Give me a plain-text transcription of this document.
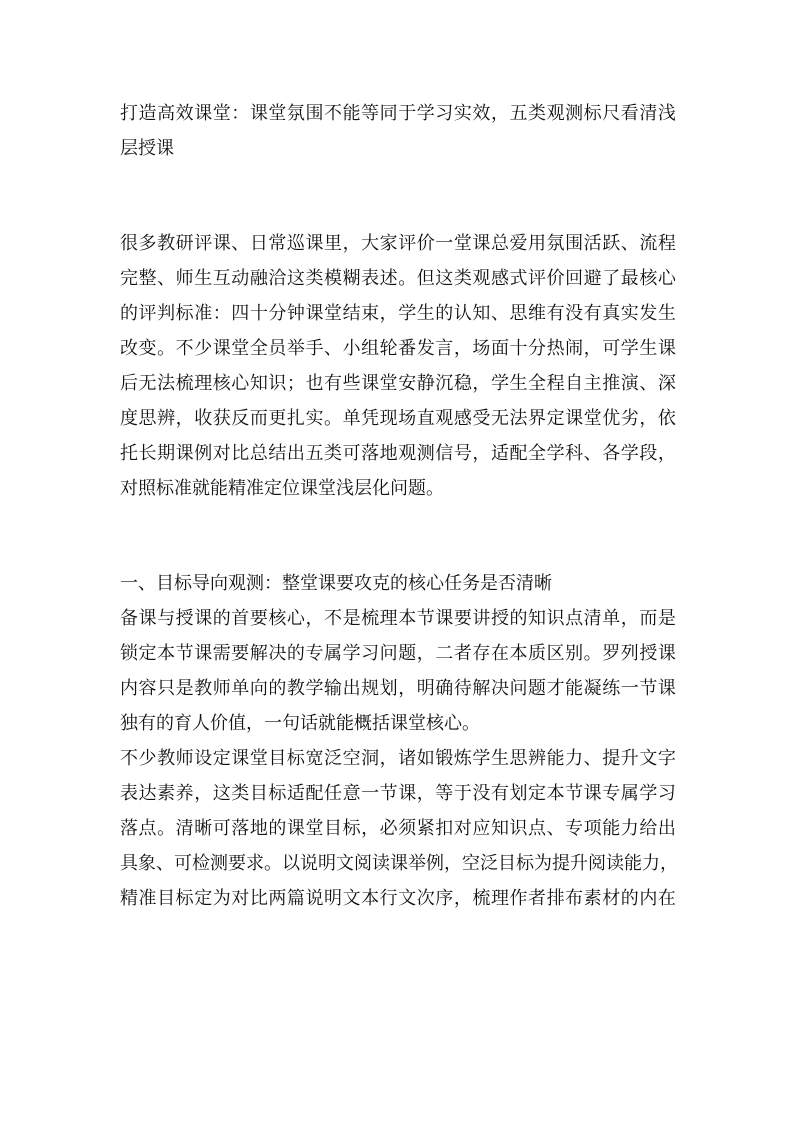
打 造 高 效 课 堂 ： 课 堂 氛 围 不 能 等 同 于 学 习 实 效 ， 五 类 观 测 标 尺 看 清 浅
层授课
很 多 教 研 评 课 、 日 常 巡 课 里 ， 大 家 评 价 一 堂 课 总 爱 用 氛 围 活 跃 、 流 程
完 整 、 师 生 互 动 融 洽 这 类 模 糊 表 述 。 但 这 类 观 感 式 评 价 回 避 了 最 核 心
的 评 判 标 准 ： 四 十 分 钟 课 堂 结 束 ， 学 生 的 认 知 、 思 维 有 没 有 真 实 发 生
改 变 。 不 少 课 堂 全 员 举 手 、 小 组 轮 番 发 言 ， 场 面 十 分 热 闹 ， 可 学 生 课
后 无 法 梳 理 核 心 知 识 ； 也 有 些 课 堂 安 静 沉 稳 ， 学 生 全 程 自 主 推 演 、 深
度 思 辨 ， 收 获 反 而 更 扎 实 。 单 凭 现 场 直 观 感 受 无 法 界 定 课 堂 优 劣 ， 依
托 长 期 课 例 对 比 总 结 出 五 类 可 落 地 观 测 信 号 ， 适 配 全 学 科 、 各 学 段 ，
对照标准就能精准定位课堂浅层化问题。
一、目标导向观测：整堂课要攻克的核心任务是否清晰
备 课 与 授 课 的 首 要 核 心 ， 不 是 梳 理 本 节 课 要 讲 授 的 知 识 点 清 单 ， 而 是
锁 定 本 节 课 需 要 解 决 的 专 属 学 习 问 题 ， 二 者 存 在 本 质 区 别 。 罗 列 授 课
内 容 只 是 教 师 单 向 的 教 学 输 出 规 划 ， 明 确 待 解 决 问 题 才 能 凝 练 一 节 课
独有的育人价值，一句话就能概括课堂核心。
不 少 教 师 设 定 课 堂 目 标 宽 泛 空 洞 ， 诸 如 锻 炼 学 生 思 辨 能 力 、 提 升 文 字
表 达 素 养 ， 这 类 目 标 适 配 任 意 一 节 课 ， 等 于 没 有 划 定 本 节 课 专 属 学 习
落 点 。 清 晰 可 落 地 的 课 堂 目 标 ， 必 须 紧 扣 对 应 知 识 点 、 专 项 能 力 给 出
具 象 、 可 检 测 要 求 。 以 说 明 文 阅 读 课 举 例 ， 空 泛 目 标 为 提 升 阅 读 能 力 ，
精 准 目 标 定 为 对 比 两 篇 说 明 文 本 行 文 次 序 ， 梳 理 作 者 排 布 素 材 的 内 在
